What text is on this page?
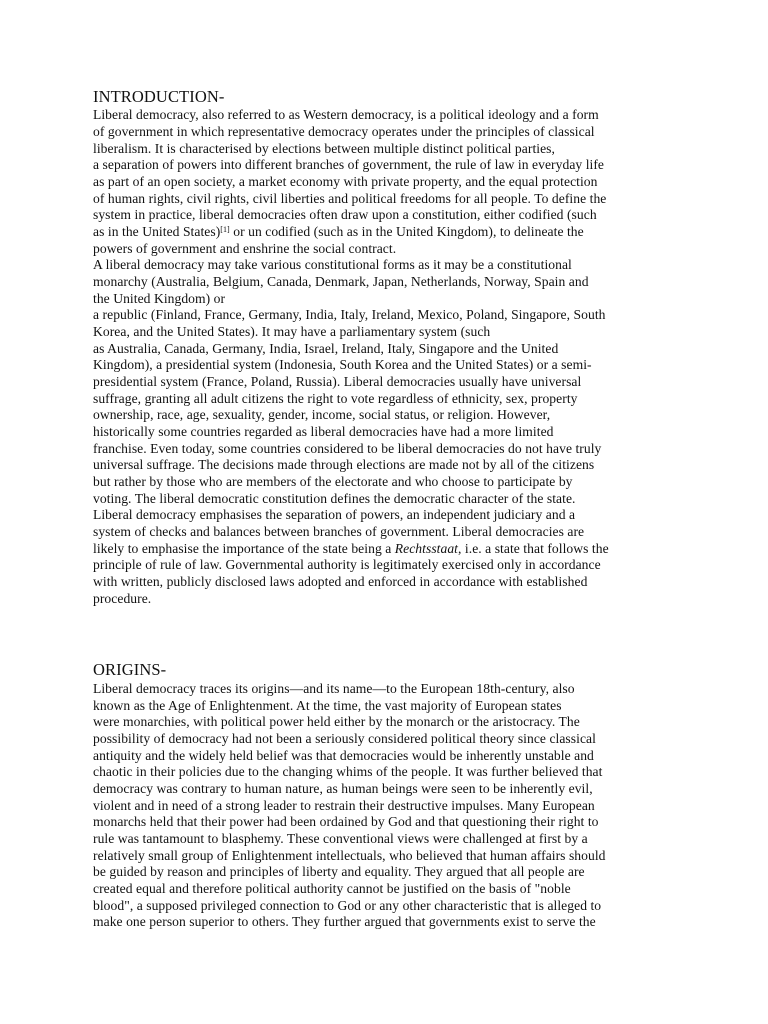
INTRODUCTION-
Liberal democracy, also referred to as Western democracy, is a political ideology and a form
of government in which representative democracy operates under the principles of classical
liberalism. It is characterised by elections between multiple distinct political parties,
a separation of powers into different branches of government, the rule of law in everyday life
as part of an open society, a market economy with private property, and the equal protection
of human rights, civil rights, civil liberties and political freedoms for all people. To define the
system in practice, liberal democracies often draw upon a constitution, either codified (such
as in the United States)[1] or un codified (such as in the United Kingdom), to delineate the
powers of government and enshrine the social contract.
A liberal democracy may take various constitutional forms as it may be a constitutional
monarchy (Australia, Belgium, Canada, Denmark, Japan, Netherlands, Norway, Spain and
the United Kingdom) or
a republic (Finland, France, Germany, India, Italy, Ireland, Mexico, Poland, Singapore, South
Korea, and the United States). It may have a parliamentary system (such
as Australia, Canada, Germany, India, Israel, Ireland, Italy, Singapore and the United
Kingdom), a presidential system (Indonesia, South Korea and the United States) or a semi-
presidential system (France, Poland, Russia). Liberal democracies usually have universal
suffrage, granting all adult citizens the right to vote regardless of ethnicity, sex, property
ownership, race, age, sexuality, gender, income, social status, or religion. However,
historically some countries regarded as liberal democracies have had a more limited
franchise. Even today, some countries considered to be liberal democracies do not have truly
universal suffrage. The decisions made through elections are made not by all of the citizens
but rather by those who are members of the electorate and who choose to participate by
voting. The liberal democratic constitution defines the democratic character of the state.
Liberal democracy emphasises the separation of powers, an independent judiciary and a
system of checks and balances between branches of government. Liberal democracies are
likely to emphasise the importance of the state being a Rechtsstaat, i.e. a state that follows the
principle of rule of law. Governmental authority is legitimately exercised only in accordance
with written, publicly disclosed laws adopted and enforced in accordance with established
procedure.
ORIGINS-
Liberal democracy traces its origins—and its name—to the European 18th-century, also
known as the Age of Enlightenment. At the time, the vast majority of European states
were monarchies, with political power held either by the monarch or the aristocracy. The
possibility of democracy had not been a seriously considered political theory since classical
antiquity and the widely held belief was that democracies would be inherently unstable and
chaotic in their policies due to the changing whims of the people. It was further believed that
democracy was contrary to human nature, as human beings were seen to be inherently evil,
violent and in need of a strong leader to restrain their destructive impulses. Many European
monarchs held that their power had been ordained by God and that questioning their right to
rule was tantamount to blasphemy. These conventional views were challenged at first by a
relatively small group of Enlightenment intellectuals, who believed that human affairs should
be guided by reason and principles of liberty and equality. They argued that all people are
created equal and therefore political authority cannot be justified on the basis of "noble
blood", a supposed privileged connection to God or any other characteristic that is alleged to
make one person superior to others. They further argued that governments exist to serve the
